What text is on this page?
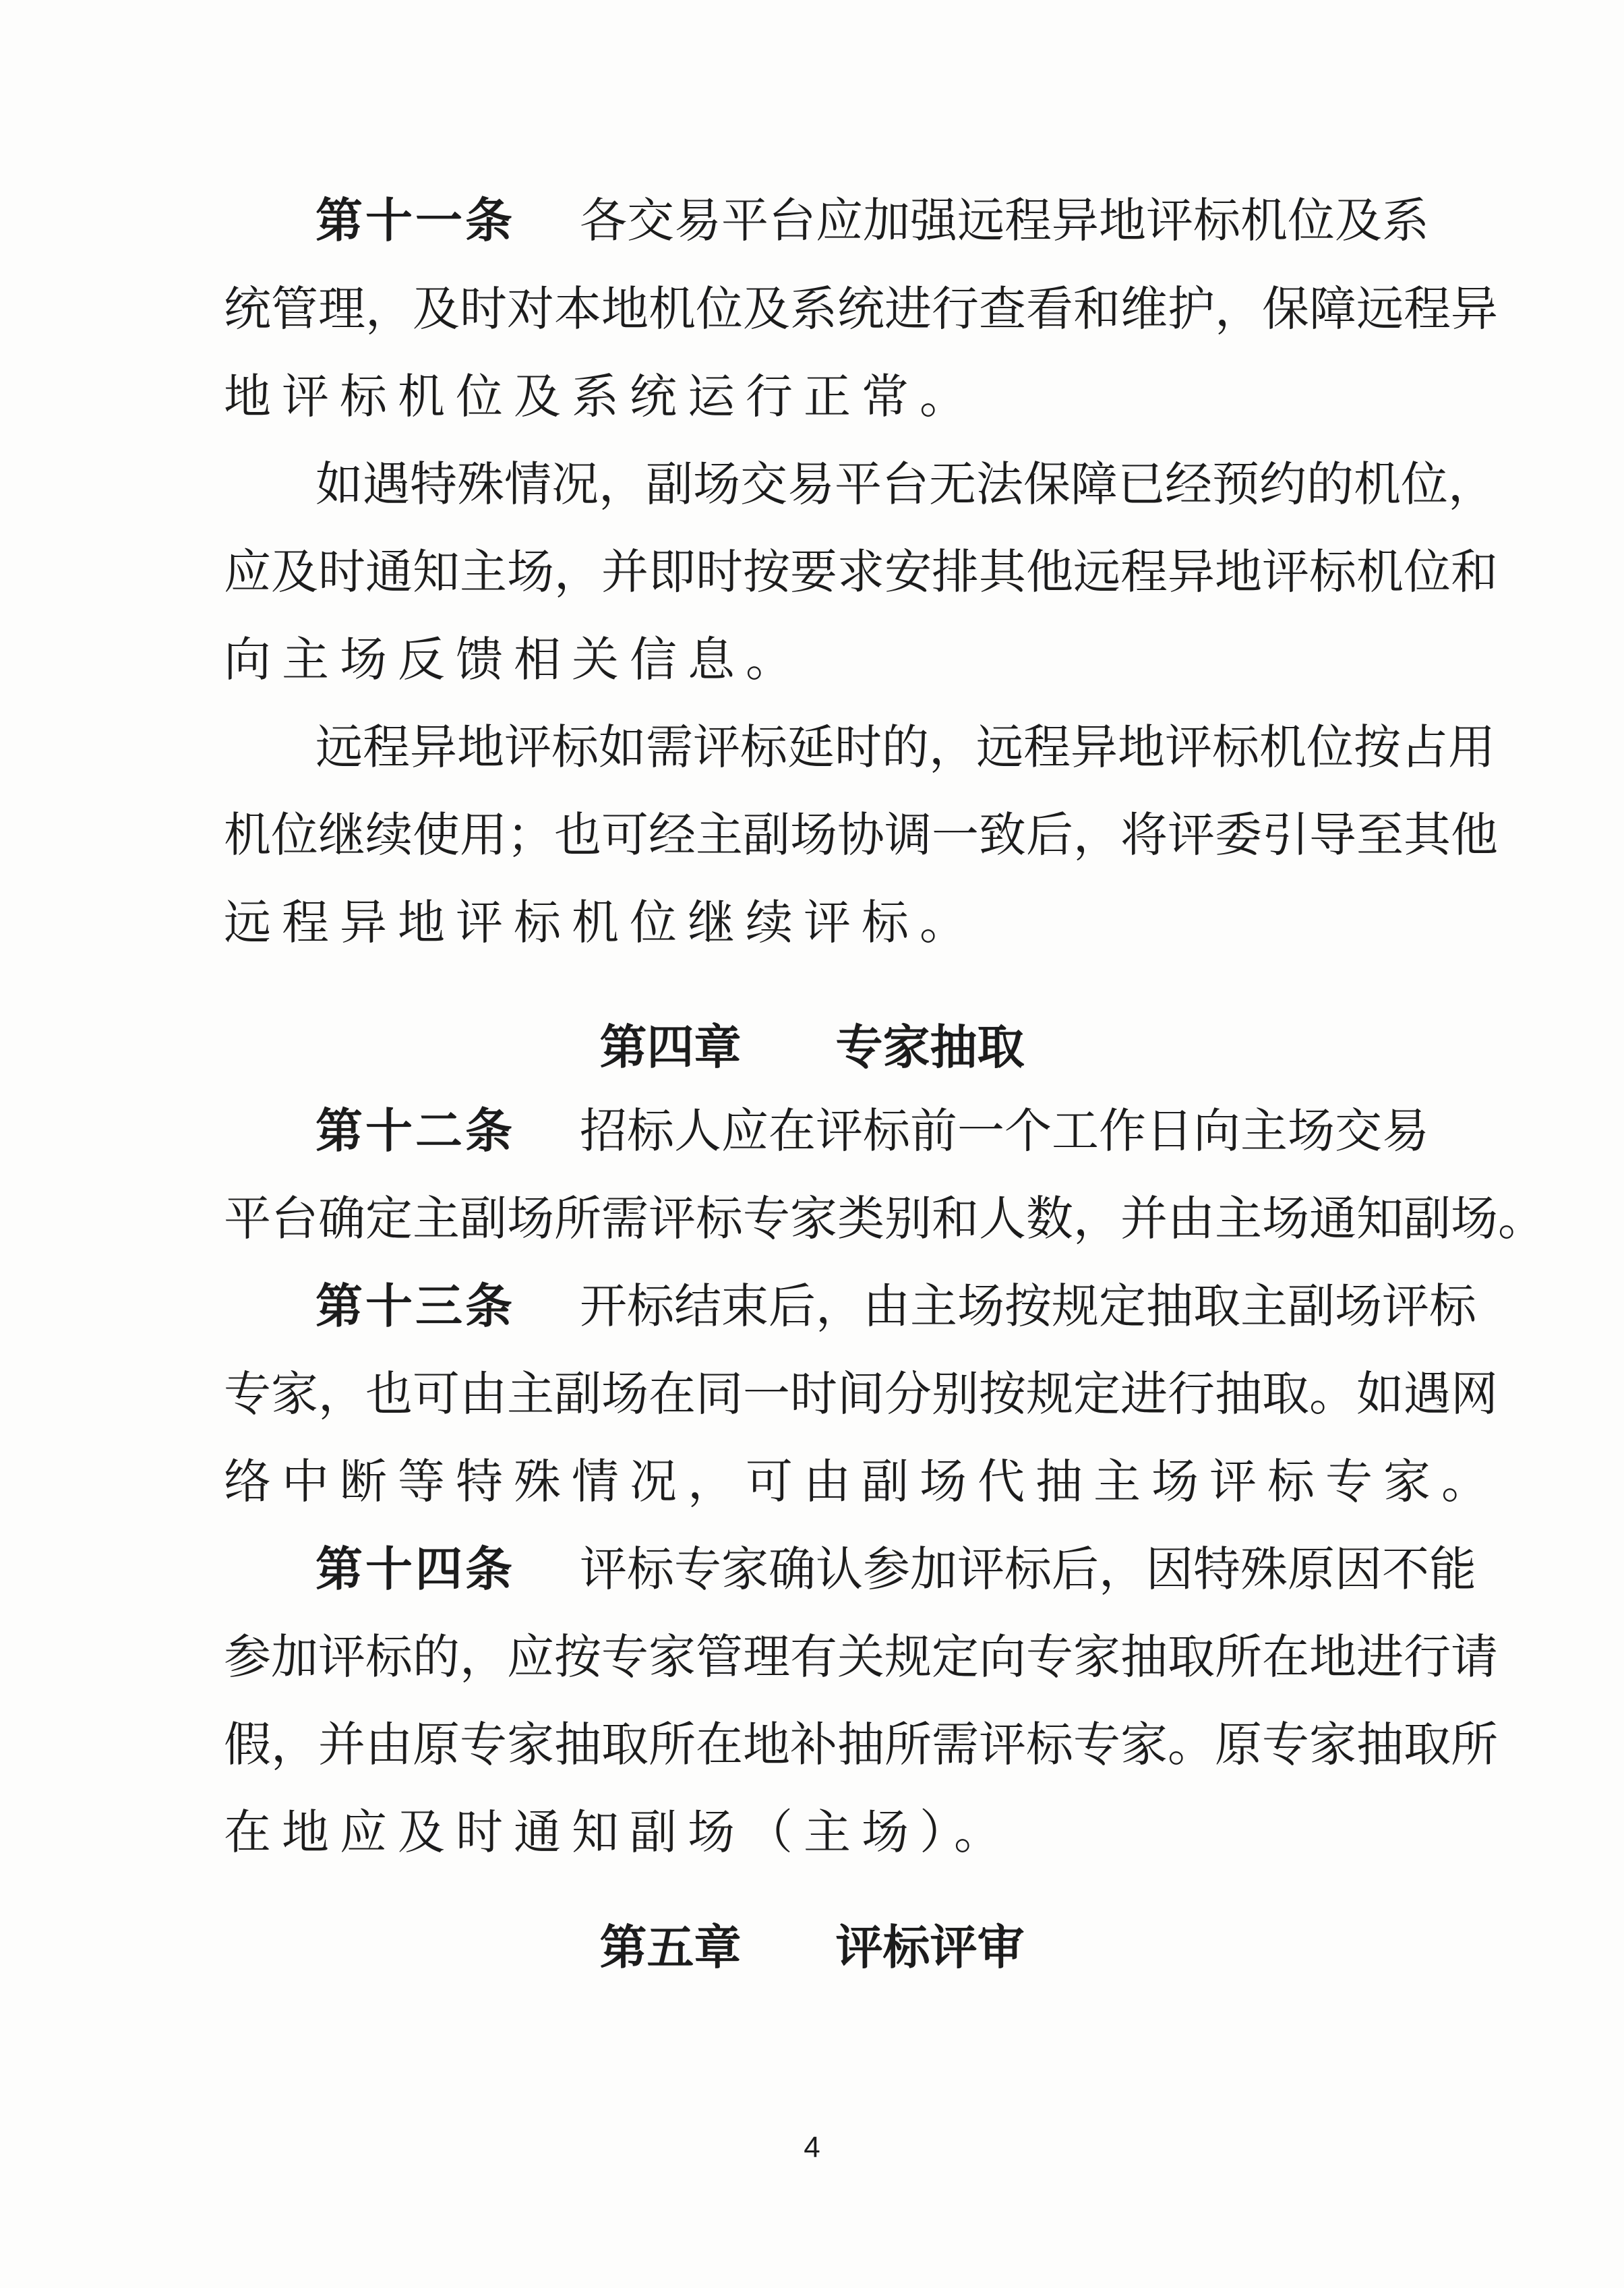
第十一条 各交易平台应加强远程异地评标机位及系
统管理，及时对本地机位及系统进行查看和维护，保障远程异
地评标机位及系统运行正常。
如遇特殊情况，副场交易平台无法保障已经预约的机位，
应及时通知主场，并即时按要求安排其他远程异地评标机位和
向主场反馈相关信息。
远程异地评标如需评标延时的，远程异地评标机位按占用
机位继续使用；也可经主副场协调一致后，将评委引导至其他
远程异地评标机位继续评标。
第四章 专家抽取
第十二条 招标人应在评标前一个工作日向主场交易
平台确定主副场所需评标专家类别和人数，并由主场通知副场。
第十三条 开标结束后，由主场按规定抽取主副场评标
专家，也可由主副场在同一时间分别按规定进行抽取。如遇网
络中断等特殊情况，可由副场代抽主场评标专家。
第十四条 评标专家确认参加评标后，因特殊原因不能
参加评标的，应按专家管理有关规定向专家抽取所在地进行请
假，并由原专家抽取所在地补抽所需评标专家。原专家抽取所
在地应及时通知副场（主场）。
第五章 评标评审
4
